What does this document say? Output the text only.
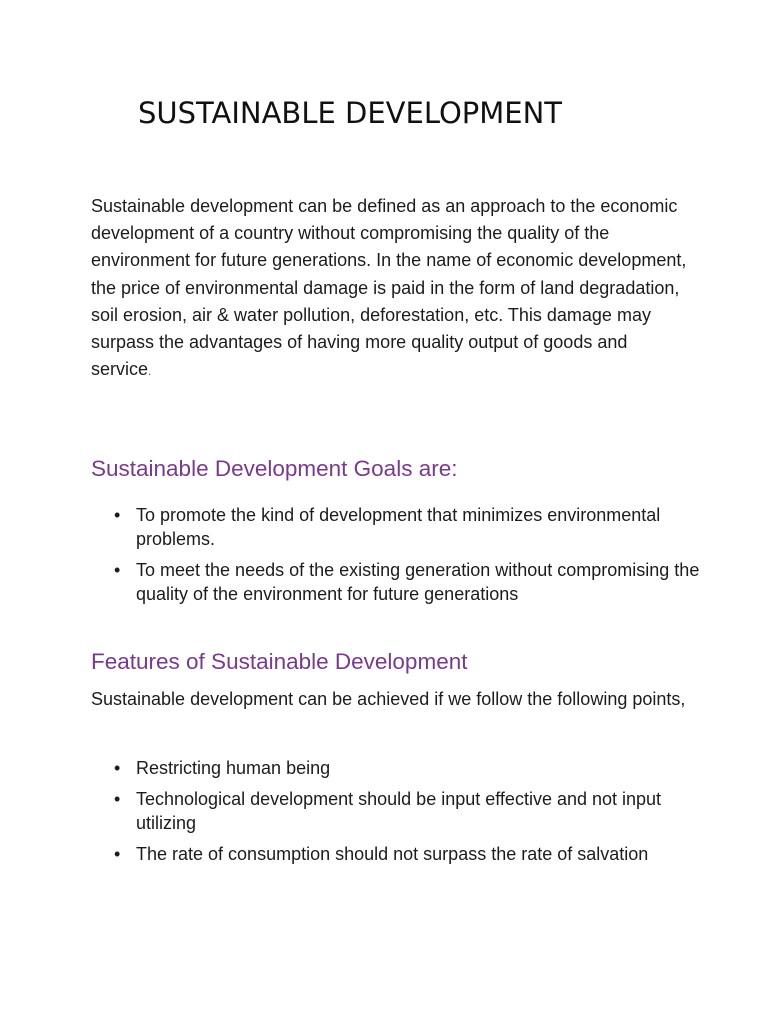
SUSTAINABLE DEVELOPMENT

Sustainable development can be defined as an approach to the economic development of a country without compromising the quality of the environment for future generations. In the name of economic development, the price of environmental damage is paid in the form of land degradation, soil erosion, air & water pollution, deforestation, etc. This damage may surpass the advantages of having more quality output of goods and service.

Sustainable Development Goals are:
• To promote the kind of development that minimizes environmental problems.
• To meet the needs of the existing generation without compromising the quality of the environment for future generations
Features of Sustainable Development

Sustainable development can be achieved if we follow the following points,

• Restricting human being
• Technological development should be input effective and not input utilizing
• The rate of consumption should not surpass the rate of salvation
